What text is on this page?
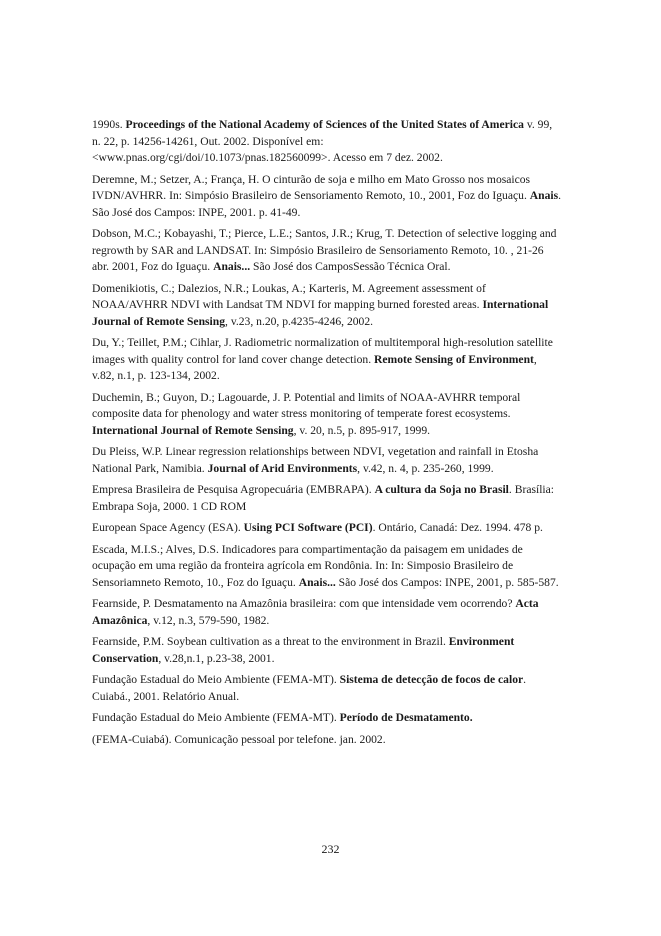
1990s. Proceedings of the National Academy of Sciences of the United States of America v. 99, n. 22, p. 14256-14261, Out. 2002. Disponível em: <www.pnas.org/cgi/doi/10.1073/pnas.182560099>. Acesso em 7 dez. 2002.

Deremne, M.; Setzer, A.; França, H. O cinturão de soja e milho em Mato Grosso nos mosaicos IVDN/AVHRR. In: Simpósio Brasileiro de Sensoriamento Remoto, 10., 2001, Foz do Iguaçu. Anais. São José dos Campos: INPE, 2001. p. 41-49.

Dobson, M.C.; Kobayashi, T.; Pierce, L.E.; Santos, J.R.; Krug, T. Detection of selective logging and regrowth by SAR and LANDSAT. In: Simpósio Brasileiro de Sensoriamento Remoto, 10. , 21-26 abr. 2001, Foz do Iguaçu. Anais... São José dos CamposSessão Técnica Oral.

Domenikiotis, C.; Dalezios, N.R.; Loukas, A.; Karteris, M. Agreement assessment of NOAA/AVHRR NDVI with Landsat TM NDVI for mapping burned forested areas. International Journal of Remote Sensing, v.23, n.20, p.4235-4246, 2002.

Du, Y.; Teillet, P.M.; Cihlar, J. Radiometric normalization of multitemporal high-resolution satellite images with quality control for land cover change detection. Remote Sensing of Environment, v.82, n.1, p. 123-134, 2002.

Duchemin, B.; Guyon, D.; Lagouarde, J. P. Potential and limits of NOAA-AVHRR temporal composite data for phenology and water stress monitoring of temperate forest ecosystems. International Journal of Remote Sensing, v. 20, n.5, p. 895-917, 1999.

Du Pleiss, W.P. Linear regression relationships between NDVI, vegetation and rainfall in Etosha National Park, Namibia. Journal of Arid Environments, v.42, n. 4, p. 235-260, 1999.

Empresa Brasileira de Pesquisa Agropecuária (EMBRAPA). A cultura da Soja no Brasil. Brasília: Embrapa Soja, 2000. 1 CD ROM

European Space Agency (ESA). Using PCI Software (PCI). Ontário, Canadá: Dez. 1994. 478 p.

Escada, M.I.S.; Alves, D.S. Indicadores para compartimentação da paisagem em unidades de ocupação em uma região da fronteira agrícola em Rondônia. In: In: Simposio Brasileiro de Sensoriamneto Remoto, 10., Foz do Iguaçu. Anais... São José dos Campos: INPE, 2001, p. 585-587.

Fearnside, P. Desmatamento na Amazônia brasileira: com que intensidade vem ocorrendo? Acta Amazônica, v.12, n.3, 579-590, 1982.

Fearnside, P.M. Soybean cultivation as a threat to the environment in Brazil. Environment Conservation, v.28,n.1, p.23-38, 2001.

Fundação Estadual do Meio Ambiente (FEMA-MT). Sistema de detecção de focos de calor. Cuiabá., 2001. Relatório Anual.

Fundação Estadual do Meio Ambiente (FEMA-MT). Período de Desmatamento.

(FEMA-Cuiabá). Comunicação pessoal por telefone. jan. 2002.

232
